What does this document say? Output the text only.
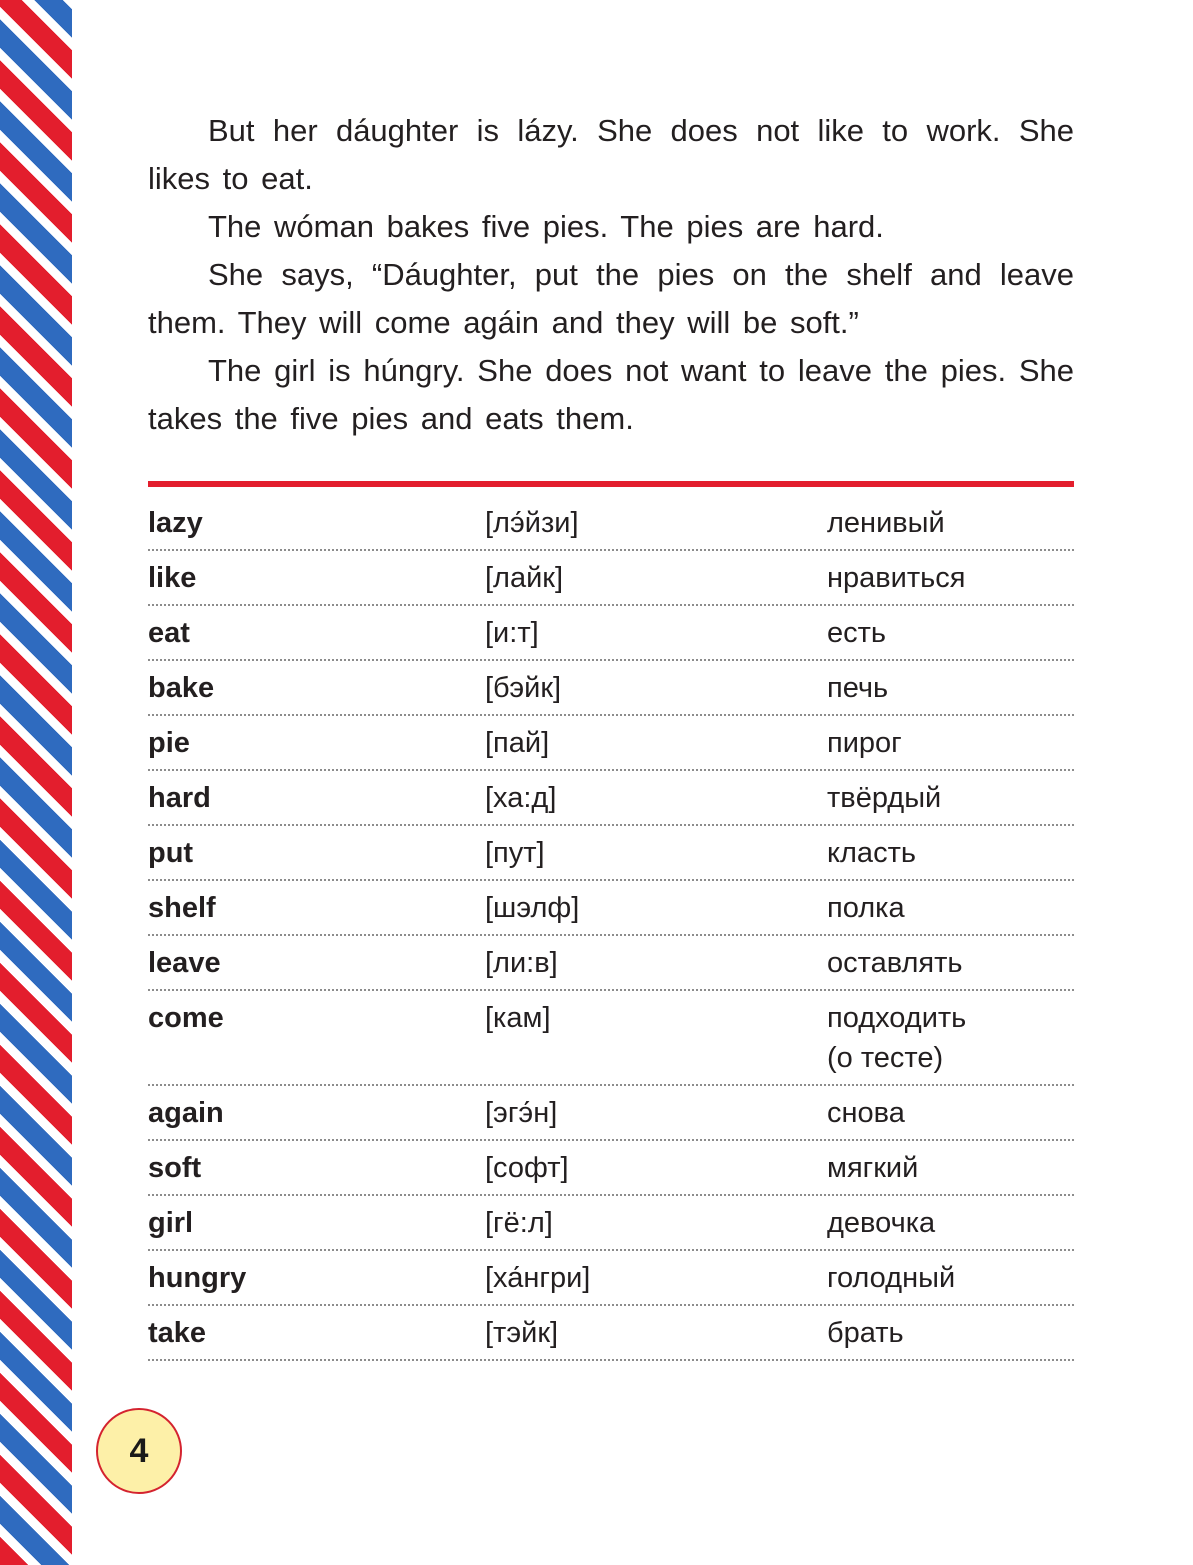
But her dáughter is lázy. She does not like to work. She likes to eat.

The wóman bakes five pies. The pies are hard.

She says, “Dáughter, put the pies on the shelf and leave them. They will come agáin and they will be soft.”

The girl is húngry. She does not want to leave the pies. She takes the five pies and eats them.

lazy	[лэ́йзи]	ленивый
like	[лайк]	нравиться
eat	[и:т]	есть
bake	[бэйк]	печь
pie	[пай]	пирог
hard	[ха:д]	твёрдый
put	[пут]	класть
shelf	[шэлф]	полка
leave	[ли:в]	оставлять
come	[кам]	подходить
(о тесте)
again	[эгэ́н]	снова
soft	[софт]	мягкий
girl	[гё:л]	девочка
hungry	[ха́нгри]	голодный
take	[тэйк]	брать
4
